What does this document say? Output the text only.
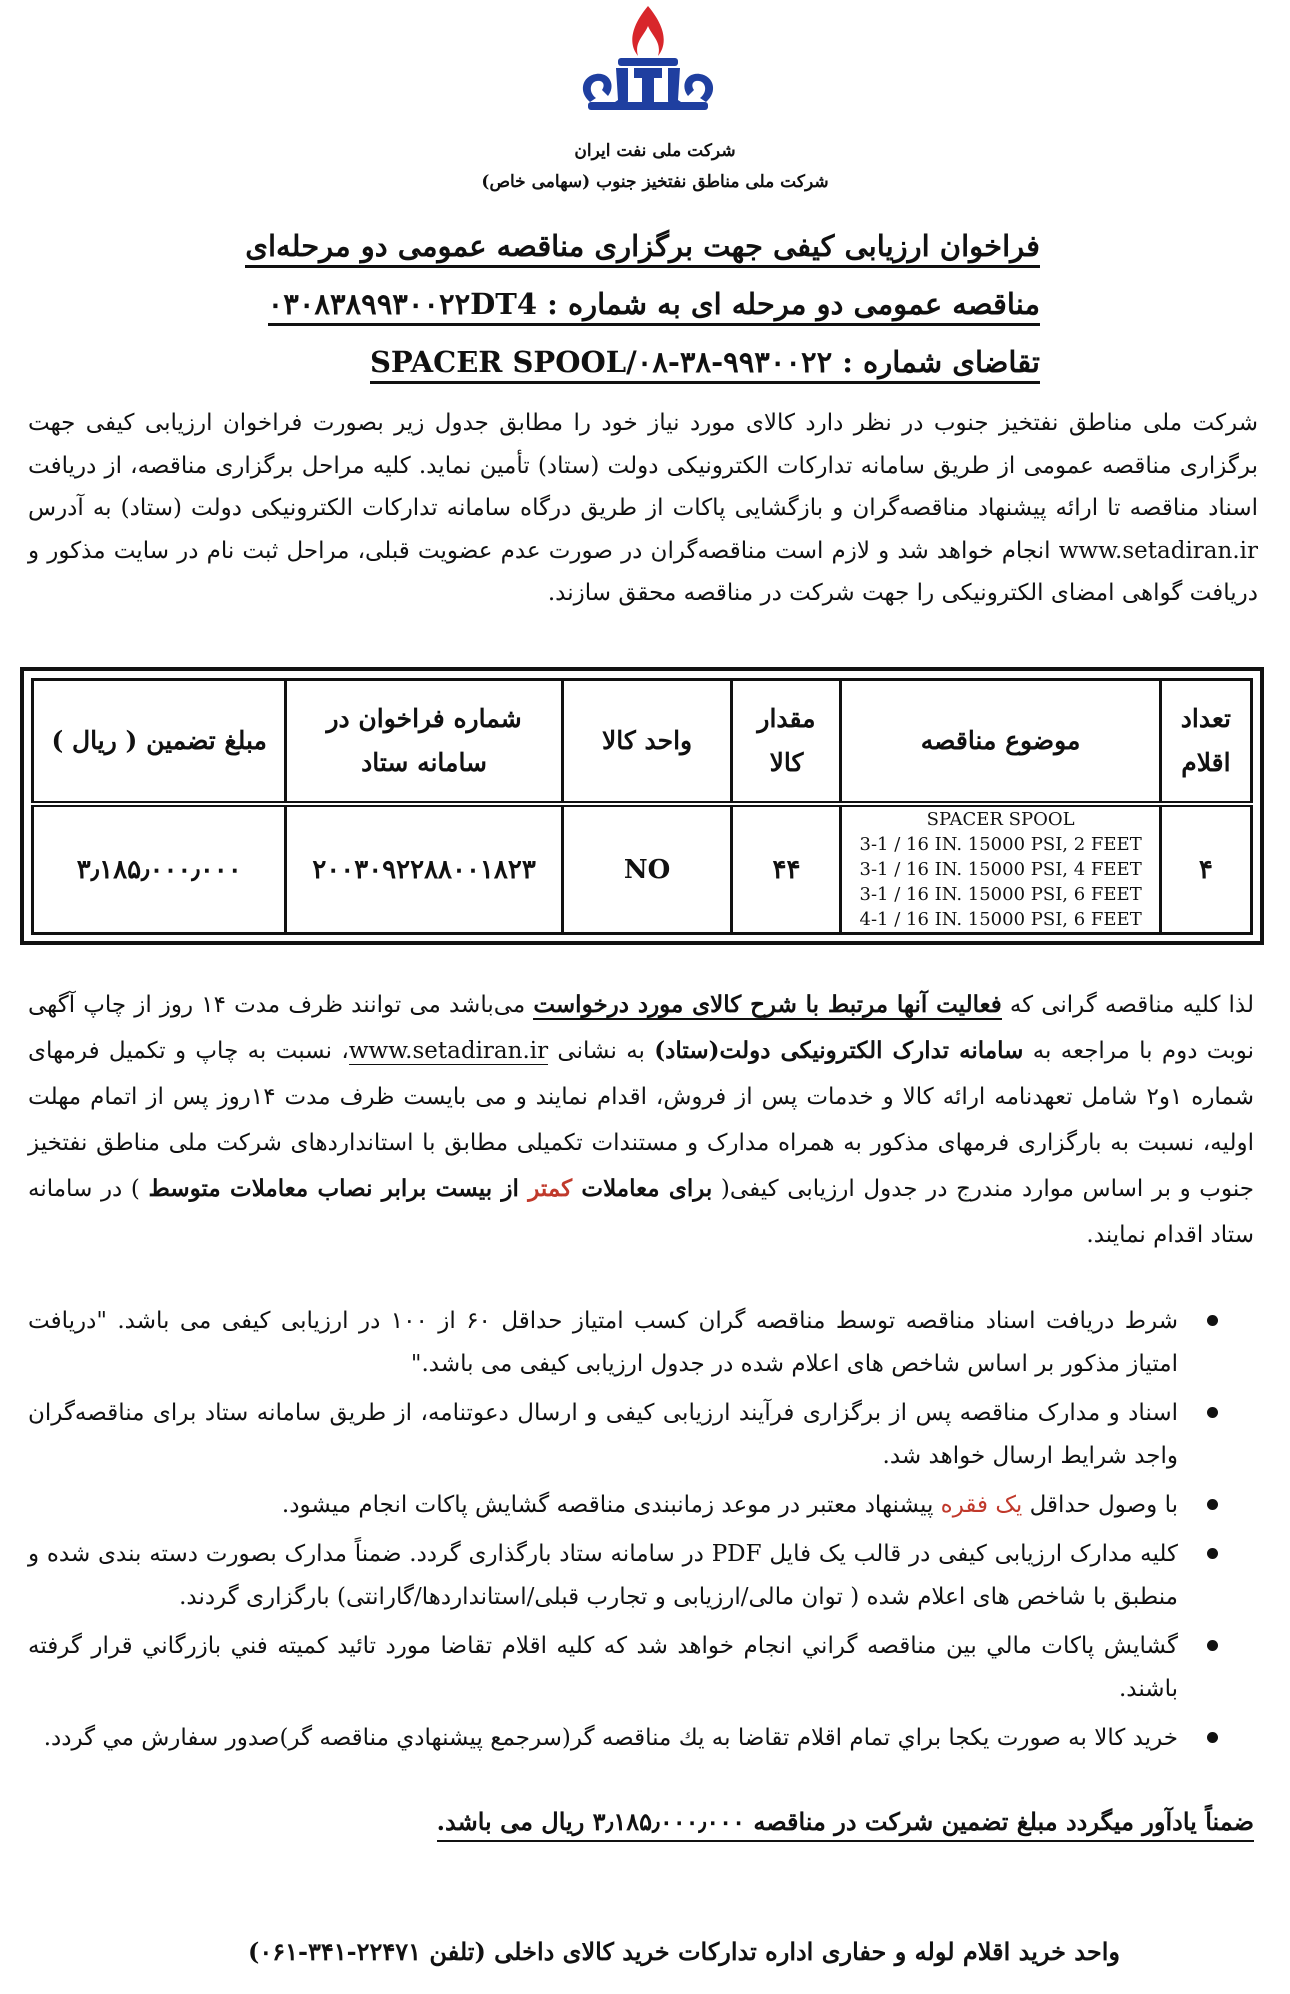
شرکت ملی نفت ایران
شرکت ملی مناطق نفتخیز جنوب (سهامی خاص)
فراخوان ارزیابی کیفی جهت برگزاری مناقصه عمومی دو مرحله‌ای
مناقصه عمومی دو مرحله ای به شماره : ۰۳۰۸۳۸۹۹۳۰۰۲۲DT4
تقاضای شماره : SPACER SPOOL/۰۸-۳۸-۹۹۳۰۰۲۲
شرکت ملی مناطق نفتخیز جنوب در نظر دارد کالای مورد نیاز خود را مطابق جدول زیر بصورت فراخوان ارزیابی کیفی جهت برگزاری مناقصه عمومی از طریق سامانه تدارکات الکترونیکی دولت (ستاد) تأمین نماید. کلیه مراحل برگزاری مناقصه، از دریافت اسناد مناقصه تا ارائه پیشنهاد مناقصه‌گران و بازگشایی پاکات از طریق درگاه سامانه تدارکات الکترونیکی دولت (ستاد) به آدرس www.setadiran.ir انجام خواهد شد و لازم است مناقصه‌گران در صورت عدم عضویت قبلی، مراحل ثبت نام در سایت مذکور و دریافت گواهی امضای الکترونیکی را جهت شرکت در مناقصه محقق سازند.
تعداد اقلام	موضوع مناقصه	مقدار کالا	واحد کالا	شماره فراخوان در سامانه ستاد	مبلغ تضمین ( ریال )
۴	SPACER SPOOL
3-1 / 16 IN. 15000 PSI, 2 FEET
3-1 / 16 IN. 15000 PSI, 4 FEET
3-1 / 16 IN. 15000 PSI, 6 FEET
4-1 / 16 IN. 15000 PSI, 6 FEET	۴۴	NO	۲۰۰۳۰۹۲۲۸۸۰۰۱۸۲۳	۳٫۱۸۵٫۰۰۰٫۰۰۰
لذا کلیه مناقصه گرانی که فعالیت آنها مرتبط با شرح کالای مورد درخواست می‌باشد می توانند ظرف مدت ۱۴ روز از چاپ آگهی نوبت دوم با مراجعه به سامانه تدارک الکترونیکی دولت(ستاد) به نشانی www.setadiran.ir، نسبت به چاپ و تکمیل فرمهای شماره ۱و۲ شامل تعهدنامه ارائه کالا و خدمات پس از فروش، اقدام نمایند و می بایست ظرف مدت ۱۴روز پس از اتمام مهلت اولیه، نسبت به بارگزاری فرمهای مذکور به همراه مدارک و مستندات تکمیلی مطابق با استانداردهای شرکت ملی مناطق نفتخیز جنوب و بر اساس موارد مندرج در جدول ارزیابی کیفی( برای معاملات کمتر از بیست برابر نصاب معاملات متوسط ) در سامانه ستاد اقدام نمایند.
شرط دریافت اسناد مناقصه توسط مناقصه گران کسب امتیاز حداقل ۶۰ از ۱۰۰ در ارزیابی کیفی می باشد. "دریافت امتیاز مذکور بر اساس شاخص های اعلام شده در جدول ارزیابی کیفی می باشد."
اسناد و مدارک مناقصه پس از برگزاری فرآیند ارزیابی کیفی و ارسال دعوتنامه، از طریق سامانه ستاد برای مناقصه‌گران واجد شرایط ارسال خواهد شد.
با وصول حداقل یک فقره پیشنهاد معتبر در موعد زمانبندی مناقصه گشایش پاکات انجام میشود.
کلیه مدارک ارزیابی کیفی در قالب یک فایل PDF در سامانه ستاد بارگذاری گردد. ضمناً مدارک بصورت دسته بندی شده و منطبق با شاخص های اعلام شده ( توان مالی/ارزیابی و تجارب قبلی/استانداردها/گارانتی) بارگزاری گردند.
گشايش پاكات مالي بين مناقصه گراني انجام خواهد شد كه كليه اقلام تقاضا مورد تائيد كميته فني بازرگاني قرار گرفته باشند.
خريد كالا به صورت يكجا براي تمام اقلام تقاضا به يك مناقصه گر(سرجمع پيشنهادي مناقصه گر)صدور سفارش مي گردد.
ضمناً یادآور میگردد مبلغ تضمین شرکت در مناقصه ۳٫۱۸۵٫۰۰۰٫۰۰۰ ریال می باشد.
واحد خرید اقلام لوله و حفاری اداره تدارکات خرید کالای داخلی (تلفن ۲۲۴۷۱-۳۴۱-۰۶۱)
